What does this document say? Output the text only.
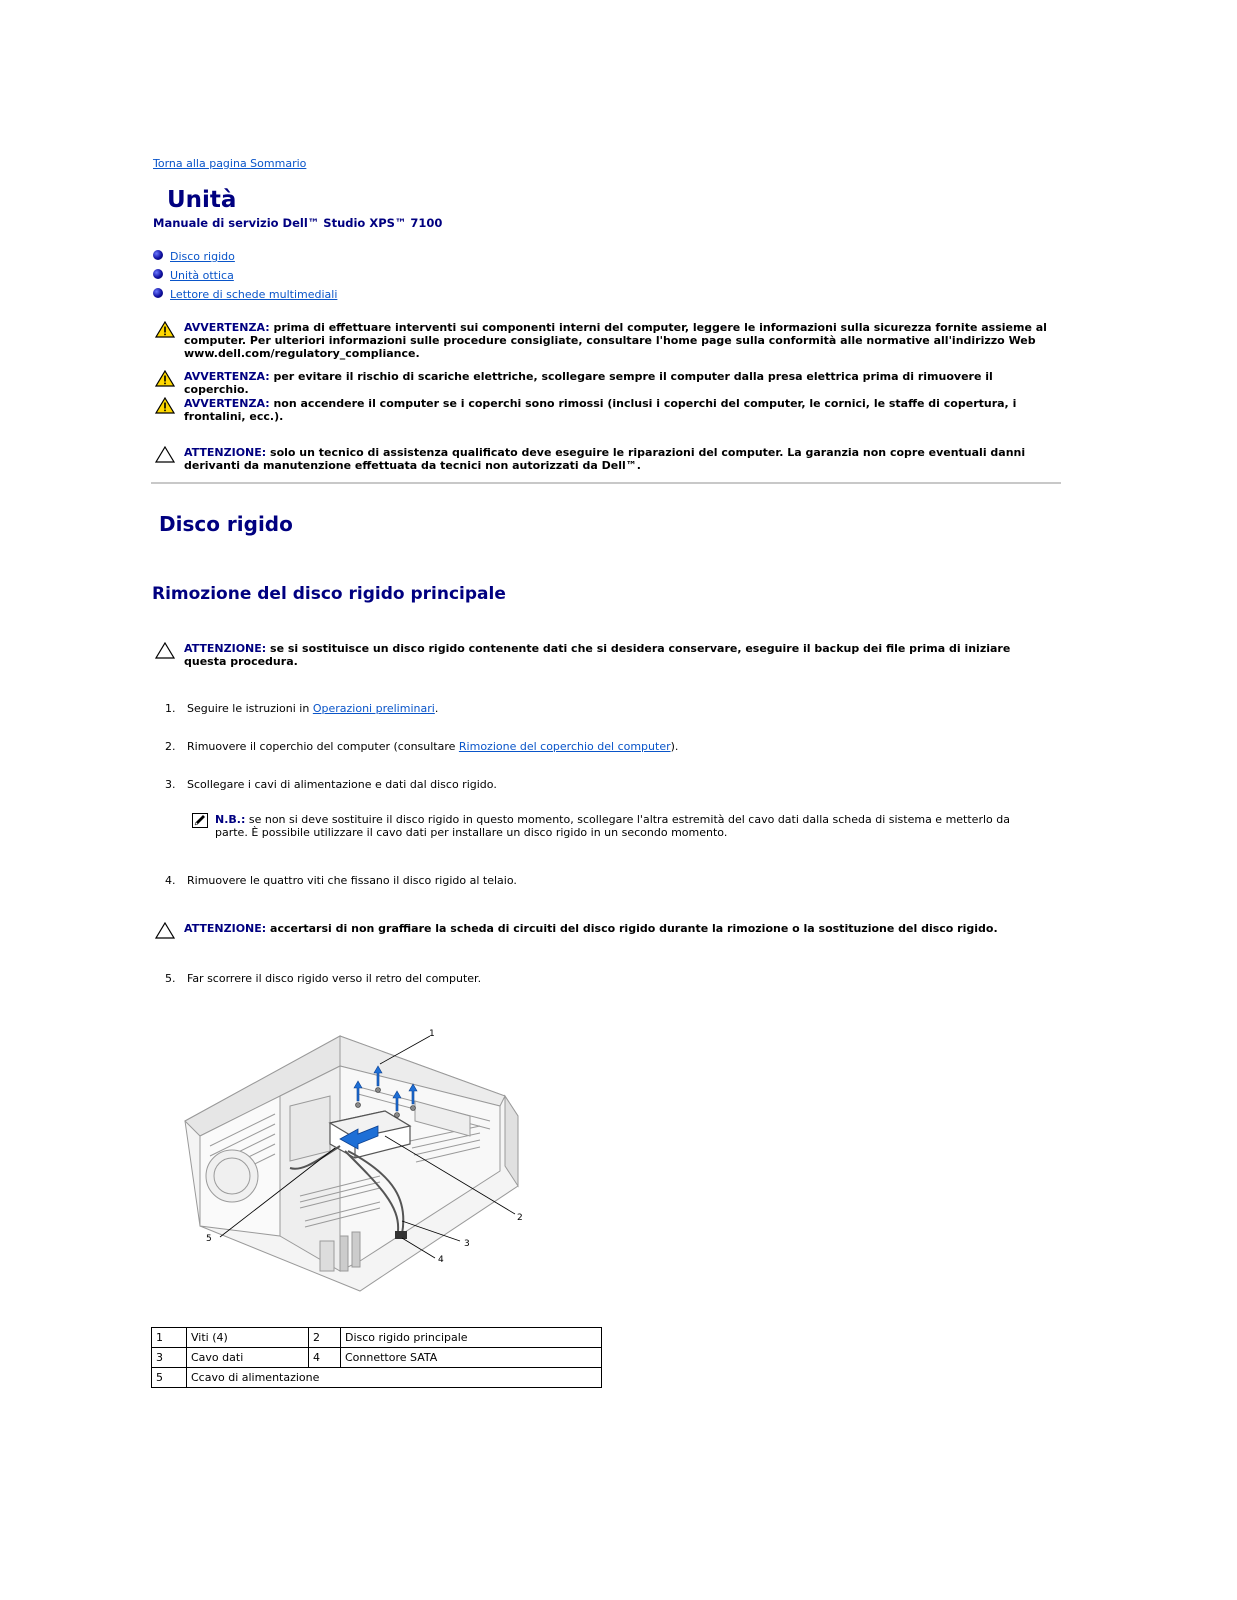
Torna alla pagina Sommario
Unità
Manuale di servizio Dell™ Studio XPS™ 7100
Disco rigido
Unità ottica
Lettore di schede multimediali
AVVERTENZA: prima di effettuare interventi sui componenti interni del computer, leggere le informazioni sulla sicurezza fornite assieme al computer. Per ulteriori informazioni sulle procedure consigliate, consultare l'home page sulla conformità alle normative all'indirizzo Web www.dell.com/regulatory_compliance.
AVVERTENZA: per evitare il rischio di scariche elettriche, scollegare sempre il computer dalla presa elettrica prima di rimuovere il coperchio.
AVVERTENZA: non accendere il computer se i coperchi sono rimossi (inclusi i coperchi del computer, le cornici, le staffe di copertura, i frontalini, ecc.).
ATTENZIONE: solo un tecnico di assistenza qualificato deve eseguire le riparazioni del computer. La garanzia non copre eventuali danni derivanti da manutenzione effettuata da tecnici non autorizzati da Dell™.
Disco rigido
Rimozione del disco rigido principale
ATTENZIONE: se si sostituisce un disco rigido contenente dati che si desidera conservare, eseguire il backup dei file prima di iniziare questa procedura.
1. Seguire le istruzioni in Operazioni preliminari.
2. Rimuovere il coperchio del computer (consultare Rimozione del coperchio del computer).
3. Scollegare i cavi di alimentazione e dati dal disco rigido.
N.B.: se non si deve sostituire il disco rigido in questo momento, scollegare l'altra estremità del cavo dati dalla scheda di sistema e metterlo da parte. È possibile utilizzare il cavo dati per installare un disco rigido in un secondo momento.
4. Rimuovere le quattro viti che fissano il disco rigido al telaio.
ATTENZIONE: accertarsi di non graffiare la scheda di circuiti del disco rigido durante la rimozione o la sostituzione del disco rigido.
5. Far scorrere il disco rigido verso il retro del computer.
1
2
3
4
5
1	Viti (4)	2	Disco rigido principale
3	Cavo dati	4	Connettore SATA
5	Ccavo di alimentazione		
